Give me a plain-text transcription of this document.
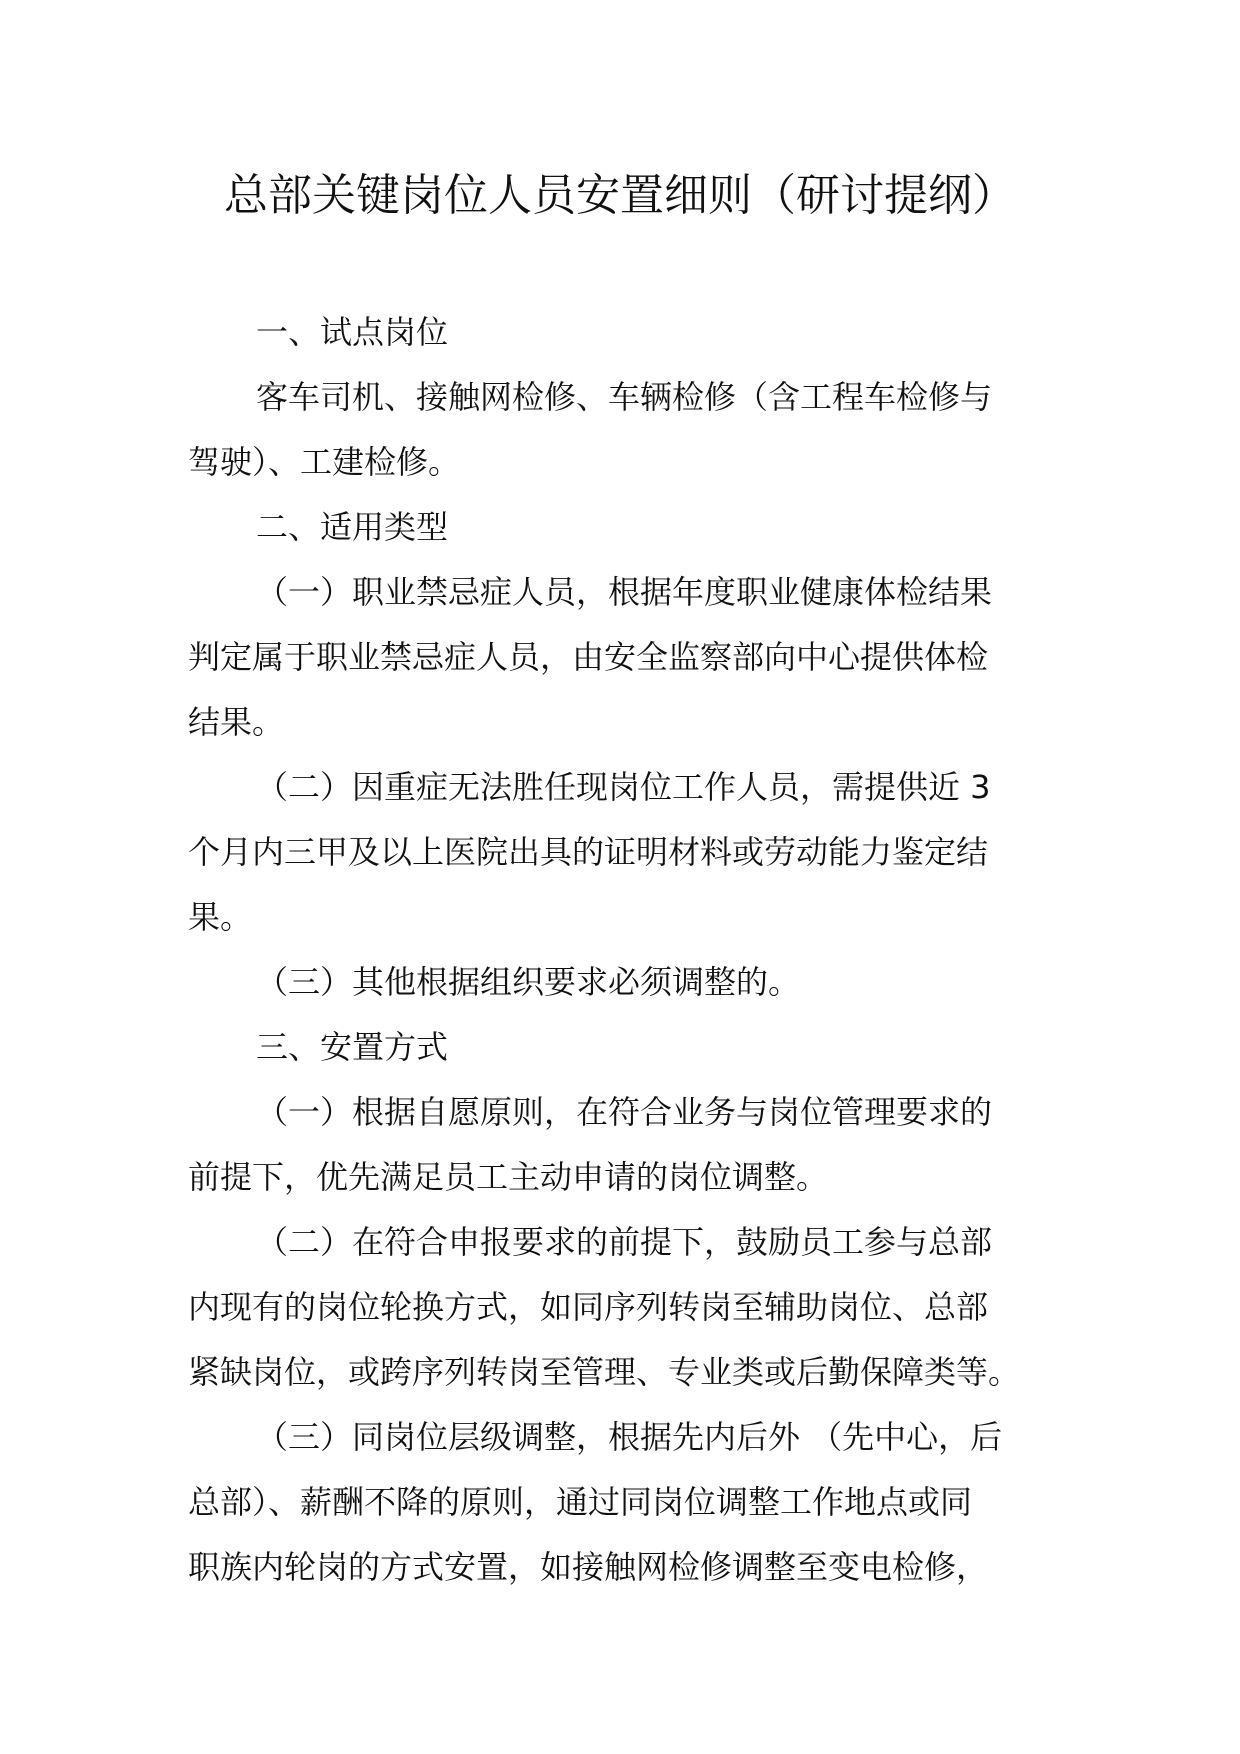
总部关键岗位人员安置细则（研讨提纲）

一、试点岗位

客车司机、接触网检修、车辆检修（含工程车检修与

驾驶）、工建检修。

二、适用类型

（一）职业禁忌症人员，根据年度职业健康体检结果

判定属于职业禁忌症人员，由安全监察部向中心提供体检

结果。

（二）因重症无法胜任现岗位工作人员，需提供近 3

个月内三甲及以上医院出具的证明材料或劳动能力鉴定结

果。

（三）其他根据组织要求必须调整的。

三、安置方式

（一）根据自愿原则，在符合业务与岗位管理要求的

前提下，优先满足员工主动申请的岗位调整。

（二）在符合申报要求的前提下，鼓励员工参与总部

内现有的岗位轮换方式，如同序列转岗至辅助岗位、总部

紧缺岗位，或跨序列转岗至管理、专业类或后勤保障类等。

（三）同岗位层级调整，根据先内后外 （先中心，后

总部）、薪酬不降的原则，通过同岗位调整工作地点或同

职族内轮岗的方式安置，如接触网检修调整至变电检修，
